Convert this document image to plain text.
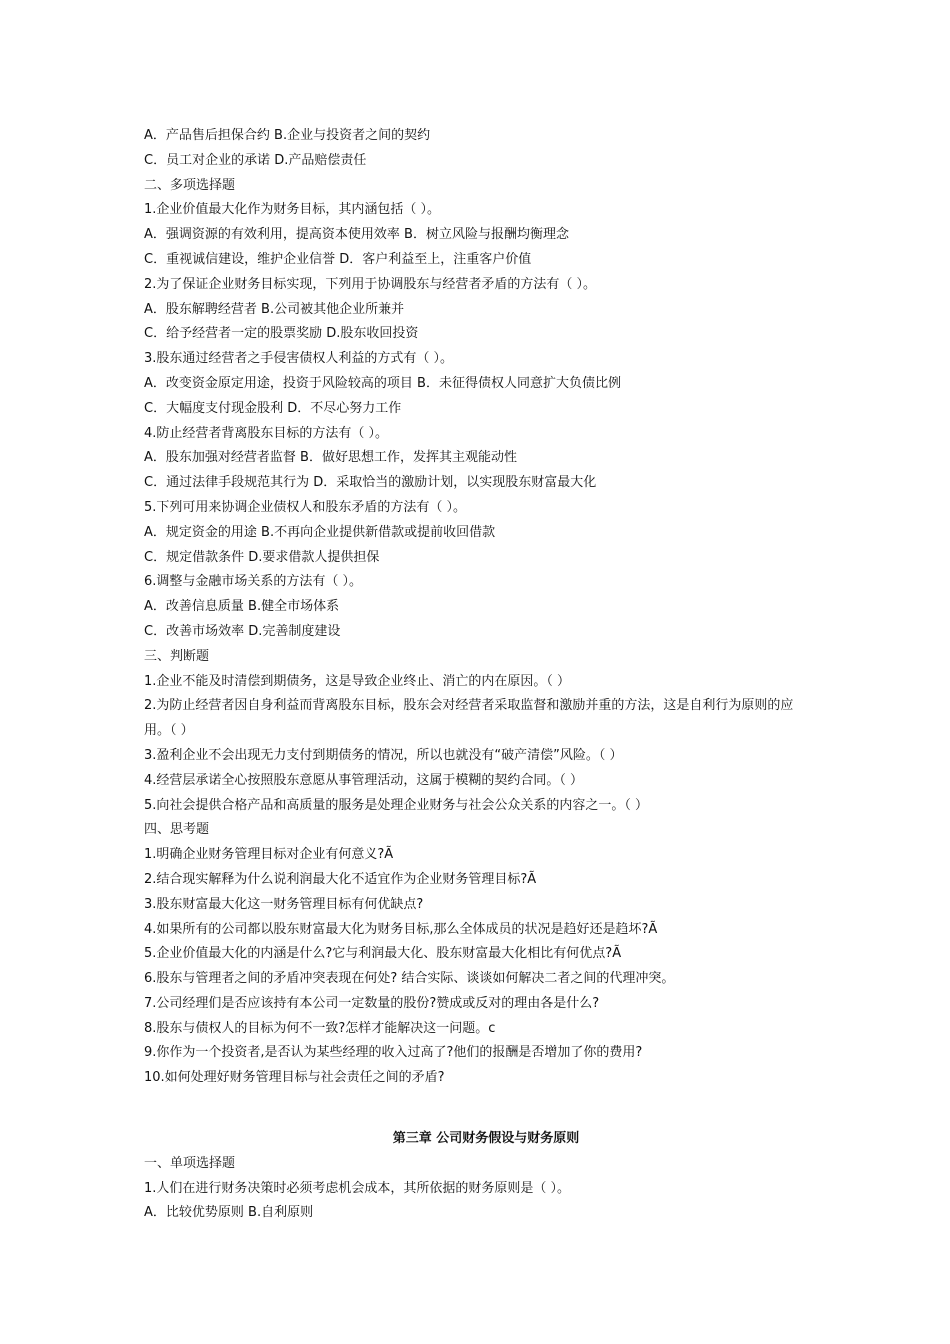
A．产品售后担保合约 B.企业与投资者之间的契约
C．员工对企业的承诺 D.产品赔偿责任
二、多项选择题
1.企业价值最大化作为财务目标，其内涵包括（ ）。
A．强调资源的有效利用，提高资本使用效率 B．树立风险与报酬均衡理念
C．重视诚信建设，维护企业信誉 D．客户利益至上，注重客户价值
2.为了保证企业财务目标实现，下列用于协调股东与经营者矛盾的方法有（ ）。
A．股东解聘经营者 B.公司被其他企业所兼并
C．给予经营者一定的股票奖励 D.股东收回投资
3.股东通过经营者之手侵害债权人利益的方式有（ ）。
A．改变资金原定用途，投资于风险较高的项目 B．未征得债权人同意扩大负债比例
C．大幅度支付现金股利 D．不尽心努力工作
4.防止经营者背离股东目标的方法有（ ）。
A．股东加强对经营者监督 B．做好思想工作，发挥其主观能动性
C．通过法律手段规范其行为 D．采取恰当的激励计划，以实现股东财富最大化
5.下列可用来协调企业债权人和股东矛盾的方法有（ ）。
A．规定资金的用途 B.不再向企业提供新借款或提前收回借款
C．规定借款条件 D.要求借款人提供担保
6.调整与金融市场关系的方法有（ ）。
A．改善信息质量 B.健全市场体系
C．改善市场效率 D.完善制度建设
三、判断题
1.企业不能及时清偿到期债务，这是导致企业终止、消亡的内在原因。（ ）
2.为防止经营者因自身利益而背离股东目标，股东会对经营者采取监督和激励并重的方法，这是自利行为原则的应用。（ ）
3.盈利企业不会出现无力支付到期债务的情况，所以也就没有“破产清偿”风险。（ ）
4.经营层承诺全心按照股东意愿从事管理活动，这属于模糊的契约合同。（ ）
5.向社会提供合格产品和高质量的服务是处理企业财务与社会公众关系的内容之一。（ ）
四、思考题
1.明确企业财务管理目标对企业有何意义?Ã
2.结合现实解释为什么说利润最大化不适宜作为企业财务管理目标?Ã
3.股东财富最大化这一财务管理目标有何优缺点?
4.如果所有的公司都以股东财富最大化为财务目标,那么全体成员的状况是趋好还是趋坏?Ã
5.企业价值最大化的内涵是什么?它与利润最大化、股东财富最大化相比有何优点?Ã
6.股东与管理者之间的矛盾冲突表现在何处? 结合实际、谈谈如何解决二者之间的代理冲突。
7.公司经理们是否应该持有本公司一定数量的股份?赞成或反对的理由各是什么?
8.股东与债权人的目标为何不一致?怎样才能解决这一问题。ⅽ
9.你作为一个投资者,是否认为某些经理的收入过高了?他们的报酬是否增加了你的费用?
10.如何处理好财务管理目标与社会责任之间的矛盾?
第三章 公司财务假设与财务原则
一、单项选择题
1.人们在进行财务决策时必须考虑机会成本，其所依据的财务原则是（ ）。
A．比较优势原则 B.自利原则
